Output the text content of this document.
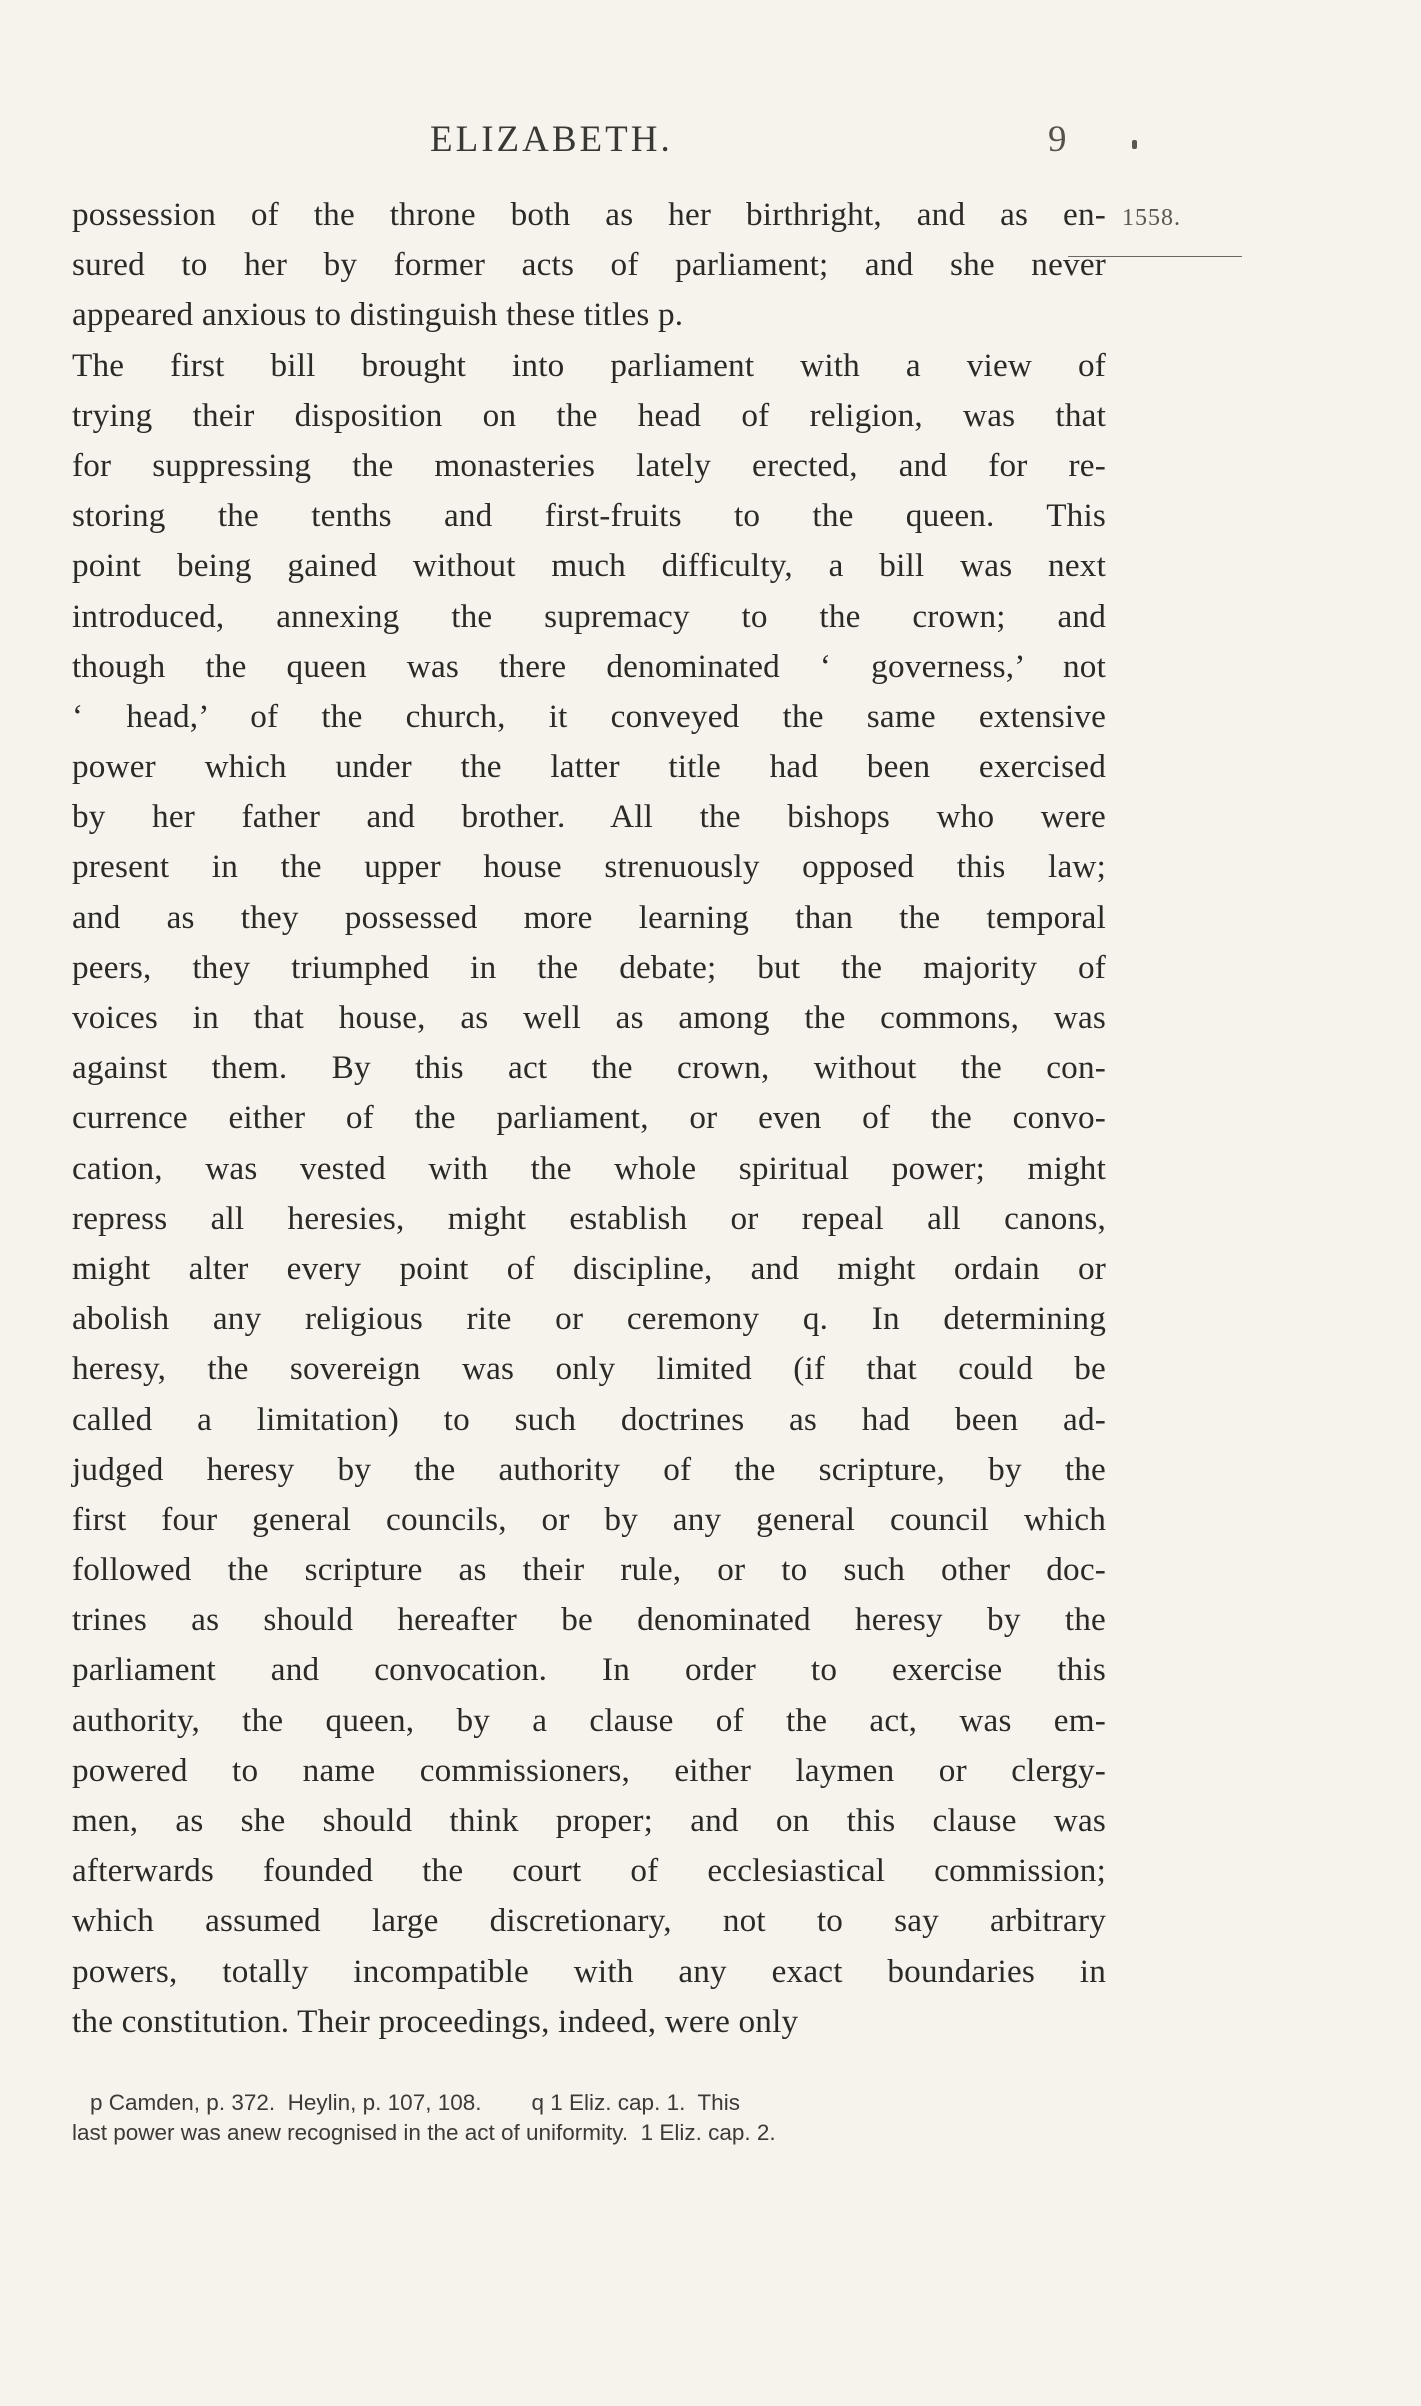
ELIZABETH.	9
1558.
possession of the throne both as her birthright, and as en-
sured to her by former acts of parliament; and she never
appeared anxious to distinguish these titles p.
The first bill brought into parliament with a view of
trying their disposition on the head of religion, was that
for suppressing the monasteries lately erected, and for re-
storing the tenths and first-fruits to the queen. This
point being gained without much difficulty, a bill was next
introduced, annexing the supremacy to the crown; and
though the queen was there denominated ‘ governess,’ not
‘ head,’ of the church, it conveyed the same extensive
power which under the latter title had been exercised
by her father and brother. All the bishops who were
present in the upper house strenuously opposed this law;
and as they possessed more learning than the temporal
peers, they triumphed in the debate; but the majority of
voices in that house, as well as among the commons, was
against them. By this act the crown, without the con-
currence either of the parliament, or even of the convo-
cation, was vested with the whole spiritual power; might
repress all heresies, might establish or repeal all canons,
might alter every point of discipline, and might ordain or
abolish any religious rite or ceremony q. In determining
heresy, the sovereign was only limited (if that could be
called a limitation) to such doctrines as had been ad-
judged heresy by the authority of the scripture, by the
first four general councils, or by any general council which
followed the scripture as their rule, or to such other doc-
trines as should hereafter be denominated heresy by the
parliament and convocation. In order to exercise this
authority, the queen, by a clause of the act, was em-
powered to name commissioners, either laymen or clergy-
men, as she should think proper; and on this clause was
afterwards founded the court of ecclesiastical commission;
which assumed large discretionary, not to say arbitrary
powers, totally incompatible with any exact boundaries in
the constitution. Their proceedings, indeed, were only
p Camden, p. 372.  Heylin, p. 107, 108.        q 1 Eliz. cap. 1.  This
last power was anew recognised in the act of uniformity.  1 Eliz. cap. 2.
